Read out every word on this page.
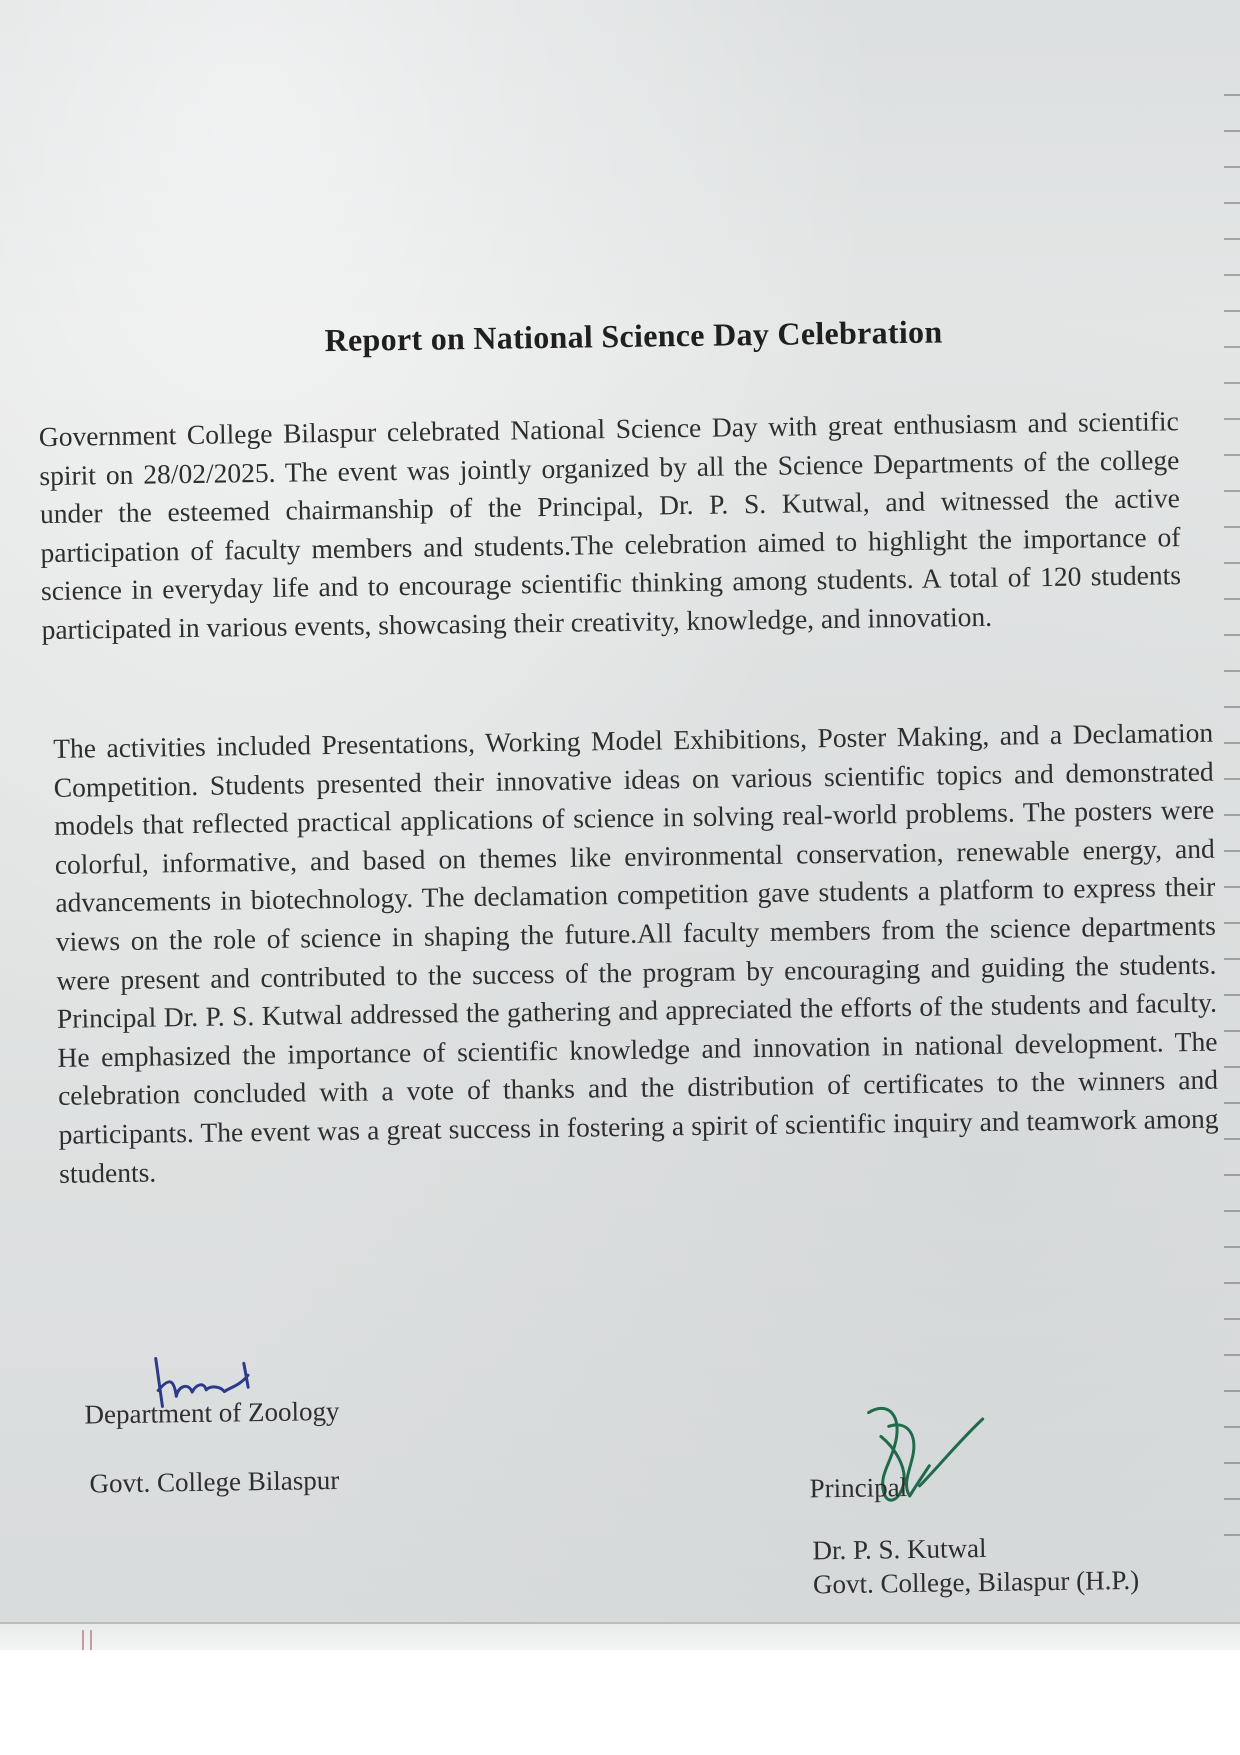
Report on National Science Day Celebration

Government College Bilaspur celebrated National Science Day with great enthusiasm and scientific spirit on 28/02/2025. The event was jointly organized by all the Science Departments of the college under the esteemed chairmanship of the Principal, Dr. P. S. Kutwal, and witnessed the active participation of faculty members and students.The celebration aimed to highlight the importance of science in everyday life and to encourage scientific thinking among students. A total of 120 students participated in various events, showcasing their creativity, knowledge, and innovation.

The activities included Presentations, Working Model Exhibitions, Poster Making, and a Declamation Competition. Students presented their innovative ideas on various scientific topics and demonstrated models that reflected practical applications of science in solving real-world problems. The posters were colorful, informative, and based on themes like environmental conservation, renewable energy, and advancements in biotechnology. The declamation competition gave students a platform to express their views on the role of science in shaping the future.All faculty members from the science departments were present and contributed to the success of the program by encouraging and guiding the students. Principal Dr. P. S. Kutwal addressed the gathering and appreciated the efforts of the students and faculty. He emphasized the importance of scientific knowledge and innovation in national development. The celebration concluded with a vote of thanks and the distribution of certificates to the winners and participants. The event was a great success in fostering a spirit of scientific inquiry and teamwork among students.

Department of Zoology

Govt. College Bilaspur	Principal

Dr. P. S. Kutwal

Govt. College, Bilaspur (H.P.)
